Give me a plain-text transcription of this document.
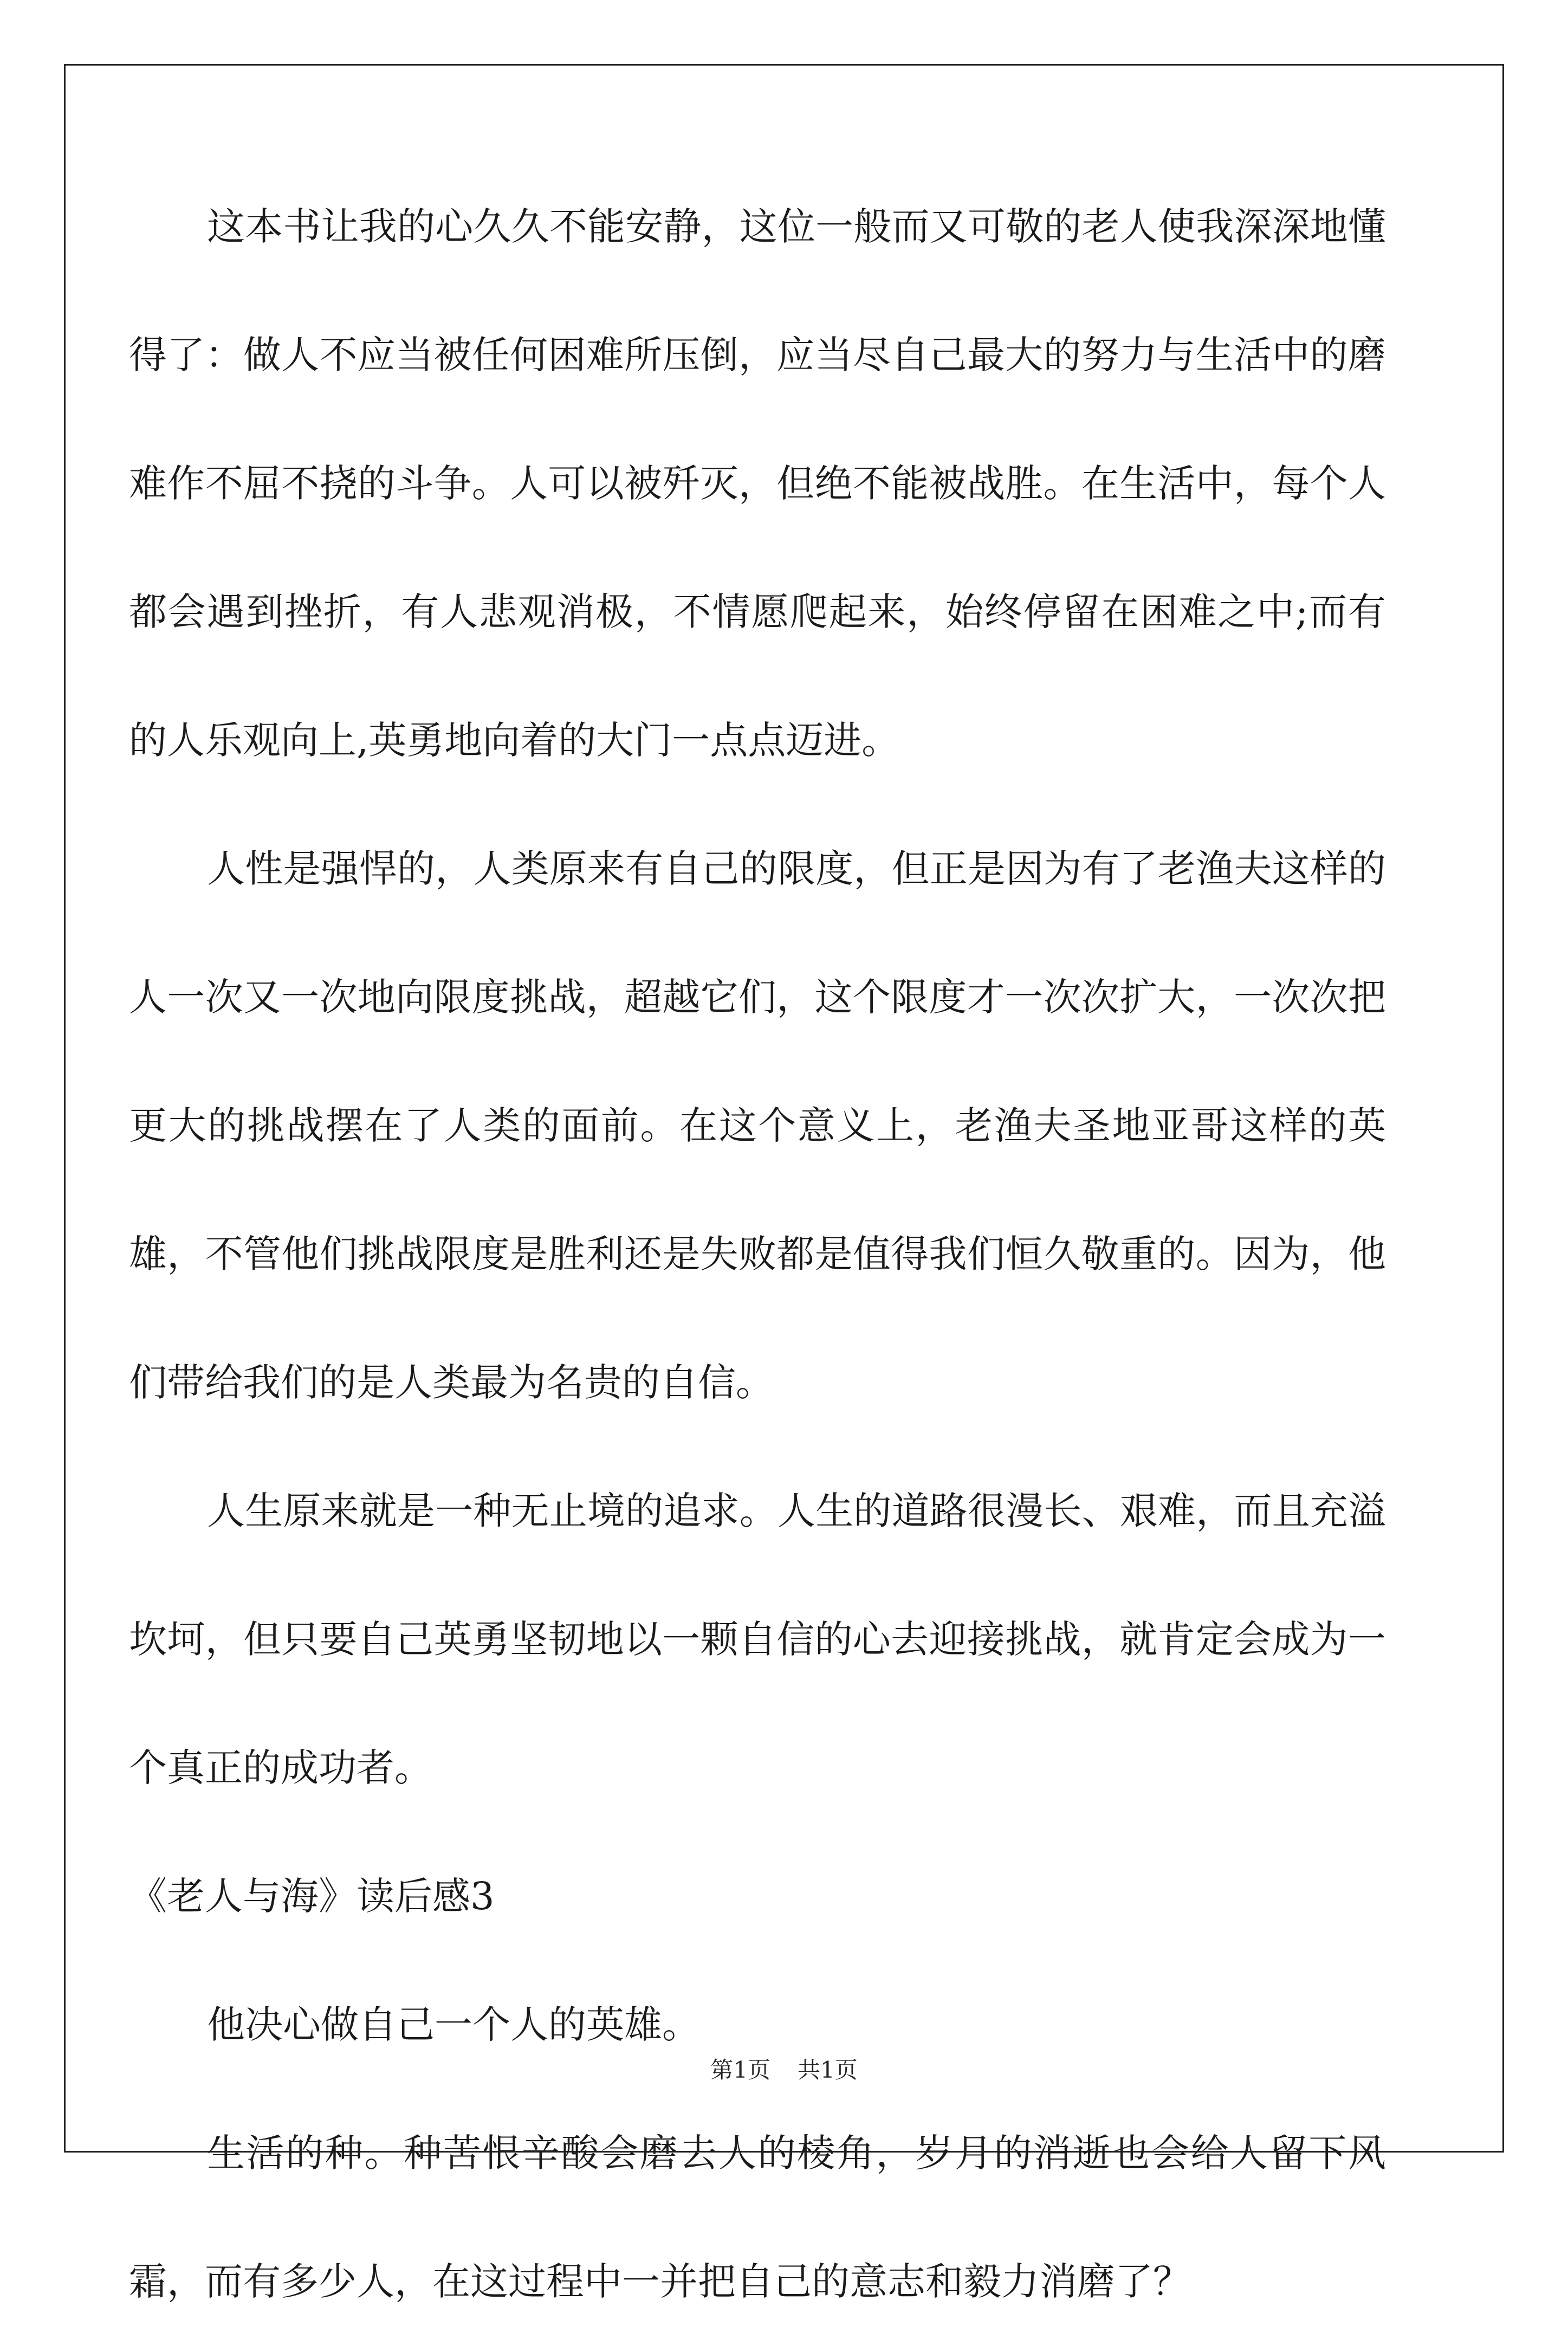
这本书让我的心久久不能安静，这位一般而又可敬的老人使我深深地懂得了：做人不应当被任何困难所压倒，应当尽自己最大的努力与生活中的磨难作不屈不挠的斗争。人可以被歼灭，但绝不能被战胜。在生活中，每个人都会遇到挫折，有人悲观消极，不情愿爬起来，始终停留在困难之中;而有的人乐观向上,英勇地向着的大门一点点迈进。

人性是强悍的，人类原来有自己的限度，但正是因为有了老渔夫这样的人一次又一次地向限度挑战，超越它们，这个限度才一次次扩大，一次次把更大的挑战摆在了人类的面前。在这个意义上，老渔夫圣地亚哥这样的英雄，不管他们挑战限度是胜利还是失败都是值得我们恒久敬重的。因为，他们带给我们的是人类最为名贵的自信。

人生原来就是一种无止境的追求。人生的道路很漫长、艰难，而且充溢坎坷，但只要自己英勇坚韧地以一颗自信的心去迎接挑战，就肯定会成为一个真正的成功者。

《老人与海》读后感3

他决心做自己一个人的英雄。

生活的种。种苦恨辛酸会磨去人的棱角，岁月的消逝也会给人留下风霜，而有多少人，在这过程中一并把自己的意志和毅力消磨了？

第1页 共1页
